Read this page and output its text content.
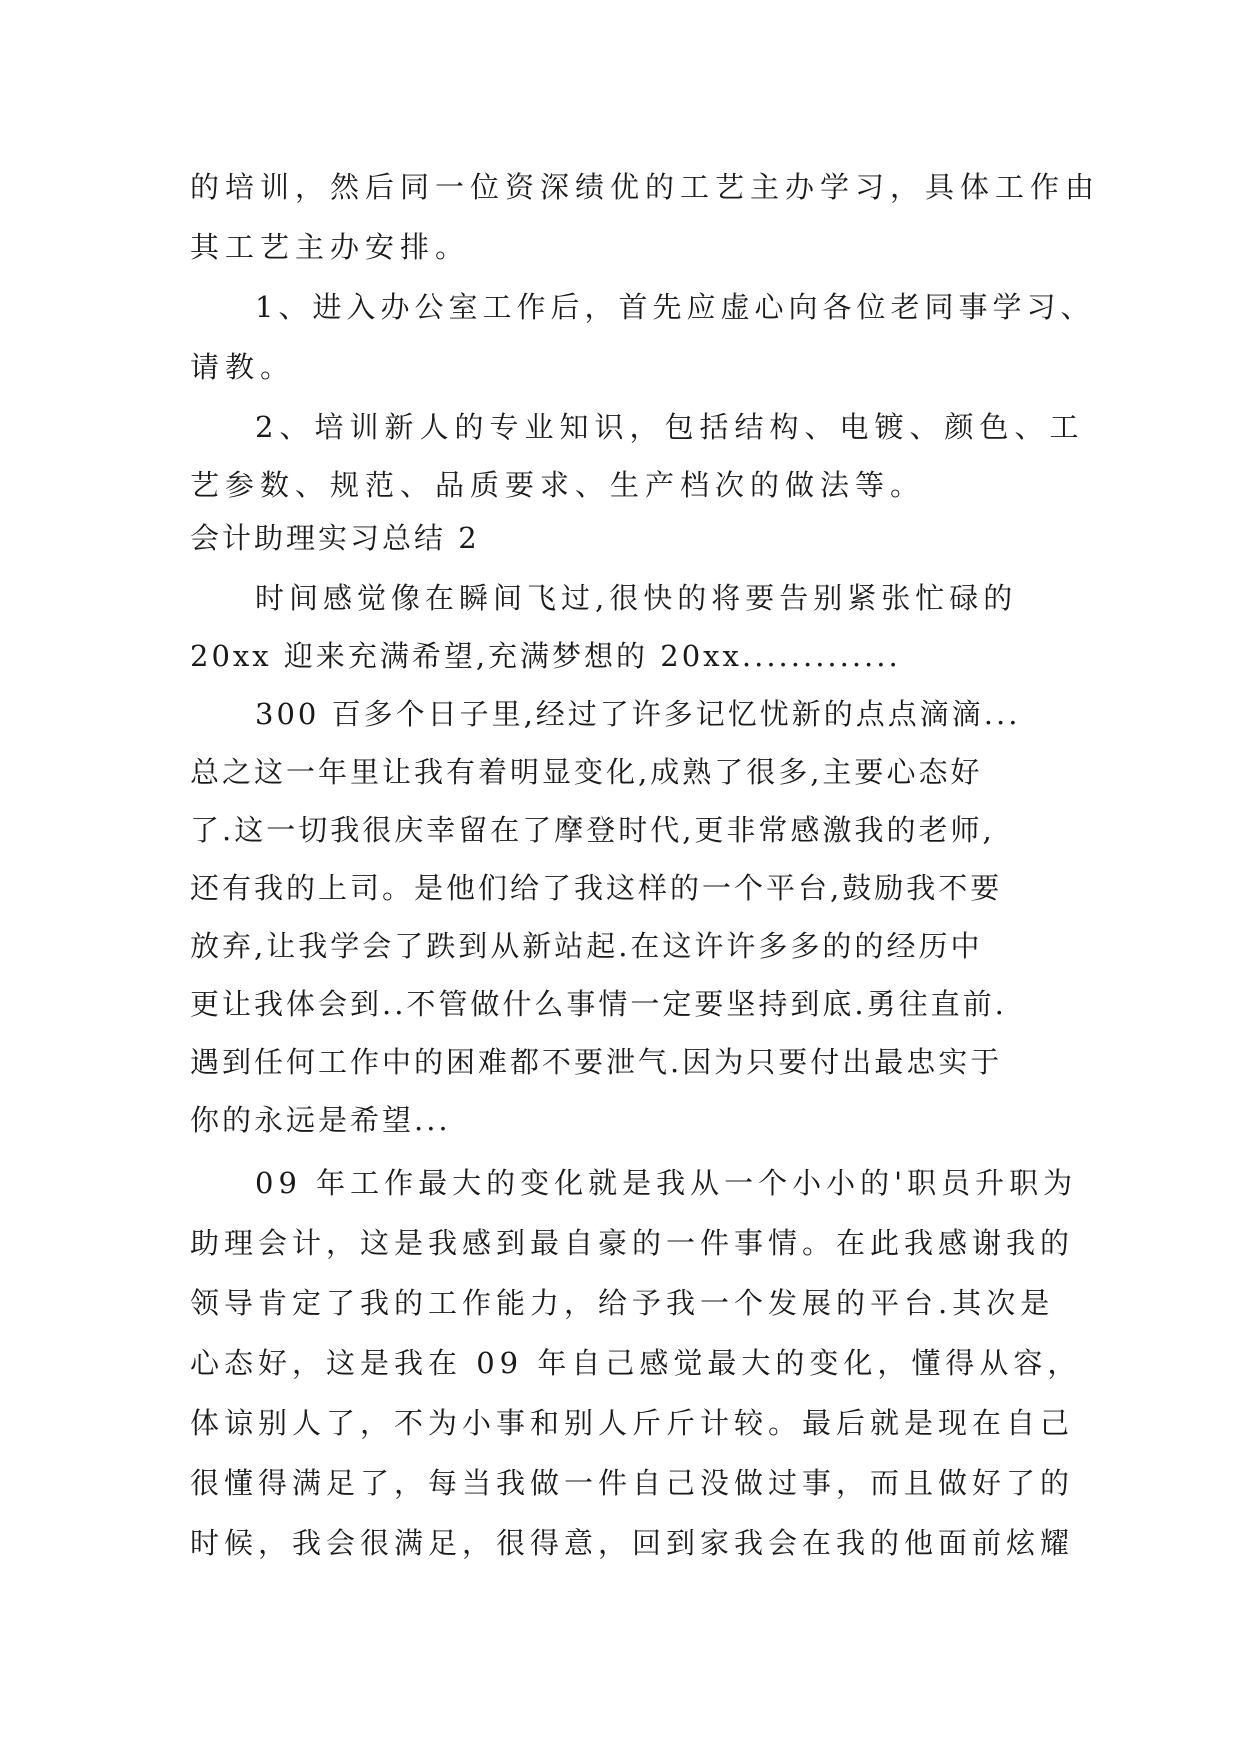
的培训，然后同一位资深绩优的工艺主办学习，具体工作由

其工艺主办安排。

1、进入办公室工作后，首先应虚心向各位老同事学习、

请教。

2、培训新人的专业知识，包括结构、电镀、颜色、工

艺参数、规范、品质要求、生产档次的做法等。

会计助理实习总结 2

时间感觉像在瞬间飞过,很快的将要告别紧张忙碌的

20xx 迎来充满希望,充满梦想的 20xx.............

300 百多个日子里,经过了许多记忆忧新的点点滴滴...

总之这一年里让我有着明显变化,成熟了很多,主要心态好

了.这一切我很庆幸留在了摩登时代,更非常感激我的老师,

还有我的上司。是他们给了我这样的一个平台,鼓励我不要

放弃,让我学会了跌到从新站起.在这许许多多的的经历中

更让我体会到..不管做什么事情一定要坚持到底.勇往直前.

遇到任何工作中的困难都不要泄气.因为只要付出最忠实于

你的永远是希望...

09 年工作最大的变化就是我从一个小小的'职员升职为

助理会计，这是我感到最自豪的一件事情。在此我感谢我的

领导肯定了我的工作能力，给予我一个发展的平台.其次是

心态好，这是我在 09 年自己感觉最大的变化，懂得从容，

体谅别人了，不为小事和别人斤斤计较。最后就是现在自己

很懂得满足了，每当我做一件自己没做过事，而且做好了的

时候，我会很满足，很得意，回到家我会在我的他面前炫耀
